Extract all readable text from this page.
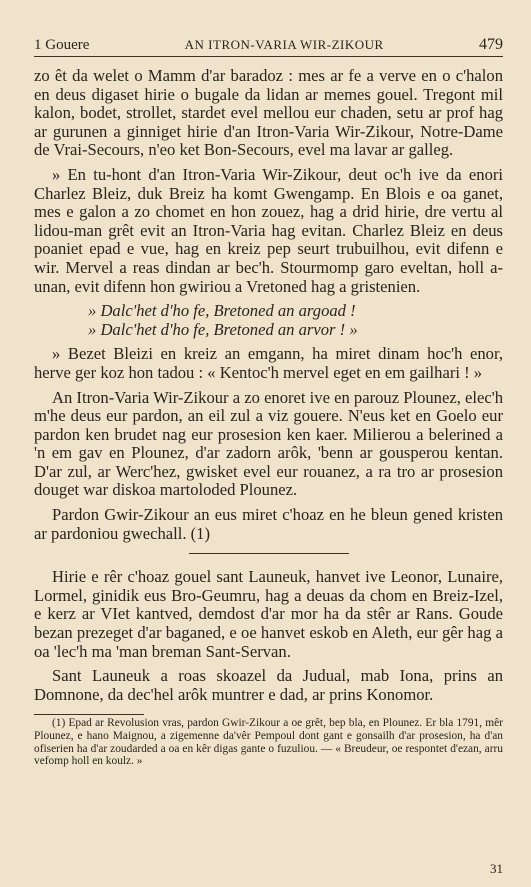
1 Gouere	AN ITRON-VARIA WIR-ZIKOUR	479

zo êt da welet o Mamm d'ar baradoz : mes ar fe a verve en o c'halon en deus digaset hirie o bugale da lidan ar memes gouel. Tregont mil kalon, bodet, strollet, stardet evel mellou eur chaden, setu ar prof hag ar gurunen a ginniget hirie d'an Itron-Varia Wir-Zikour, Notre-Dame de Vrai-Secours, n'eo ket Bon-Secours, evel ma lavar ar galleg.

» En tu-hont d'an Itron-Varia Wir-Zikour, deut oc'h ive da enori Charlez Bleiz, duk Breiz ha komt Gwengamp. En Blois e oa ganet, mes e galon a zo chomet en hon zouez, hag a drid hirie, dre vertu al lidou-man grêt evit an Itron-Varia hag evitan. Charlez Bleiz en deus poaniet epad e vue, hag en kreiz pep seurt trubuilhou, evit difenn e wir. Mervel a reas dindan ar bec'h. Stourmomp garo eveltan, holl a-unan, evit difenn hon gwiriou a Vretoned hag a gristenien.

» Dalc'het d'ho fe, Bretoned an argoad !
» Dalc'het d'ho fe, Bretoned an arvor ! »

» Bezet Bleizi en kreiz an emgann, ha miret dinam hoc'h enor, herve ger koz hon tadou : « Kentoc'h mervel eget en em gailhari ! »

An Itron-Varia Wir-Zikour a zo enoret ive en parouz Plounez, elec'h m'he deus eur pardon, an eil zul a viz gouere. N'eus ket en Goelo eur pardon ken brudet nag eur prosesion ken kaer. Milierou a belerined a 'n em gav en Plounez, d'ar zadorn arôk, 'benn ar gousperou kentan. D'ar zul, ar Werc'hez, gwisket evel eur rouanez, a ra tro ar prosesion douget war diskoa martoloded Plounez.

Pardon Gwir-Zikour an eus miret c'hoaz en he bleun gened kristen ar pardoniou gwechall. (1)

Hirie e rêr c'hoaz gouel sant Launeuk, hanvet ive Leonor, Lunaire, Lormel, ginidik eus Bro-Geumru, hag a deuas da chom en Breiz-Izel, e kerz ar VIet kantved, demdost d'ar mor ha da stêr ar Rans. Goude bezan prezeget d'ar baganed, e oe hanvet eskob en Aleth, eur gêr hag a oa 'lec'h ma 'man breman Sant-Servan.

Sant Launeuk a roas skoazel da Judual, mab Iona, prins an Domnone, da dec'hel arôk muntrer e dad, ar prins Konomor.

(1) Epad ar Revolusion vras, pardon Gwir-Zikour a oe grêt, bep bla, en Plounez. Er bla 1791, mêr Plounez, e hano Maignou, a zigemenne da'vêr Pempoul dont gant e gonsailh d'ar prosesion, ha d'an ofiserien ha d'ar zoudarded a oa en kêr digas gante o fuzuliou. — « Breudeur, oe respontet d'ezan, arru vefomp holl en koulz. »

31
